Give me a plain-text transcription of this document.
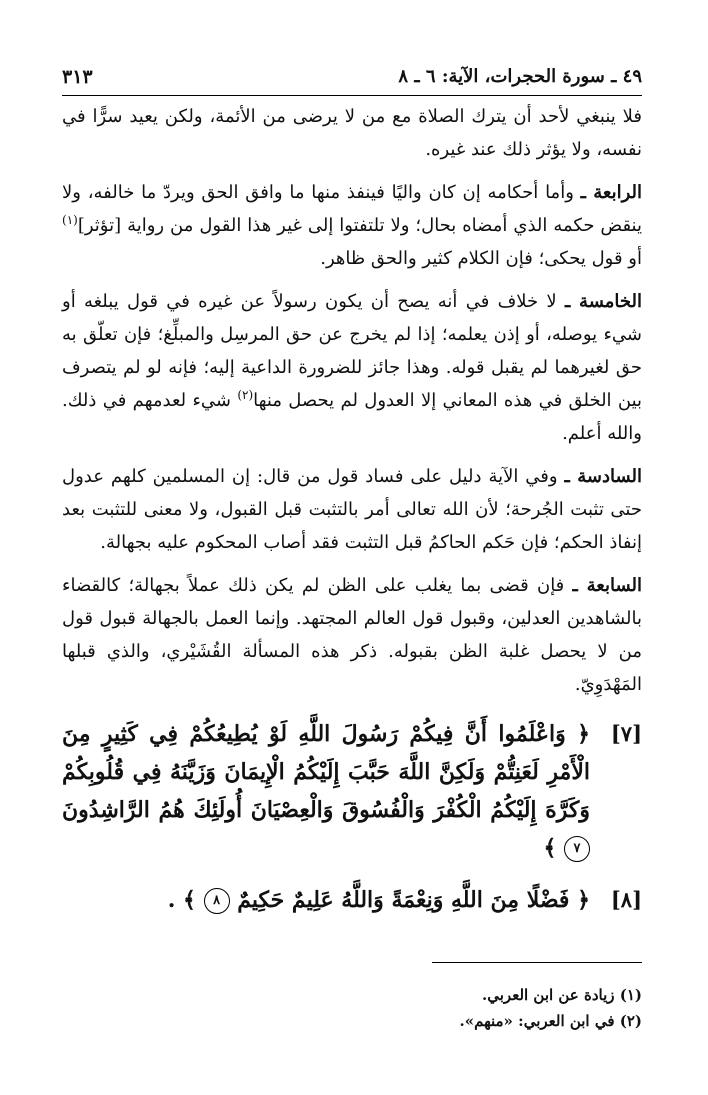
٤٩ ـ سورة الحجرات، الآية: ٦ ـ ٨
٣١٣

فلا ينبغي لأحد أن يترك الصلاة مع من لا يرضى من الأئمة، ولكن يعيد سرًّا في نفسه، ولا يؤثر ذلك عند غيره.

الرابعة ـ وأما أحكامه إن كان واليًا فينفذ منها ما وافق الحق ويردّ ما خالفه، ولا ينقض حكمه الذي أمضاه بحال؛ ولا تلتفتوا إلى غير هذا القول من رواية [تؤثر]$^{(١)}$ أو قول يحكى؛ فإن الكلام كثير والحق ظاهر.

الخامسة ـ لا خلاف في أنه يصح أن يكون رسولاً عن غيره في قول يبلغه أو شيء يوصله، أو إذن يعلمه؛ إذا لم يخرج عن حق المرسِل والمبلِّغ؛ فإن تعلّق به حق لغيرهما لم يقبل قوله. وهذا جائز للضرورة الداعية إليه؛ فإنه لو لم يتصرف بين الخلق في هذه المعاني إلا العدول لم يحصل منها$^{(٢)}$ شيء لعدمهم في ذلك. والله أعلم.

السادسة ـ وفي الآية دليل على فساد قول من قال: إن المسلمين كلهم عدول حتى تثبت الجُرحة؛ لأن الله تعالى أمر بالتثبت قبل القبول، ولا معنى للتثبت بعد إنفاذ الحكم؛ فإن حَكم الحاكمُ قبل التثبت فقد أصاب المحكوم عليه بجهالة.

السابعة ـ فإن قضى بما يغلب على الظن لم يكن ذلك عملاً بجهالة؛ كالقضاء بالشاهدين العدلين، وقبول قول العالم المجتهد. وإنما العمل بالجهالة قبول قول من لا يحصل غلبة الظن بقبوله. ذكر هذه المسألة القُشَيْري، والذي قبلها المَهْدَوِيّ.

[٧]
﴿ وَاعْلَمُوا أَنَّ فِيكُمْ رَسُولَ اللَّهِ لَوْ يُطِيعُكُمْ فِي كَثِيرٍ مِنَ الْأَمْرِ لَعَنِتُّمْ وَلَكِنَّ اللَّهَ حَبَّبَ إِلَيْكُمُ الْإِيمَانَ وَزَيَّنَهُ فِي قُلُوبِكُمْ وَكَرَّهَ إِلَيْكُمُ الْكُفْرَ وَالْفُسُوقَ وَالْعِصْيَانَ أُولَئِكَ هُمُ الرَّاشِدُونَ ٧ ﴾
[٨]
﴿ فَضْلًا مِنَ اللَّهِ وَنِعْمَةً وَاللَّهُ عَلِيمٌ حَكِيمٌ ٨ ﴾ .
(١) زيادة عن ابن العربي.
(٢) في ابن العربي: «منهم».
